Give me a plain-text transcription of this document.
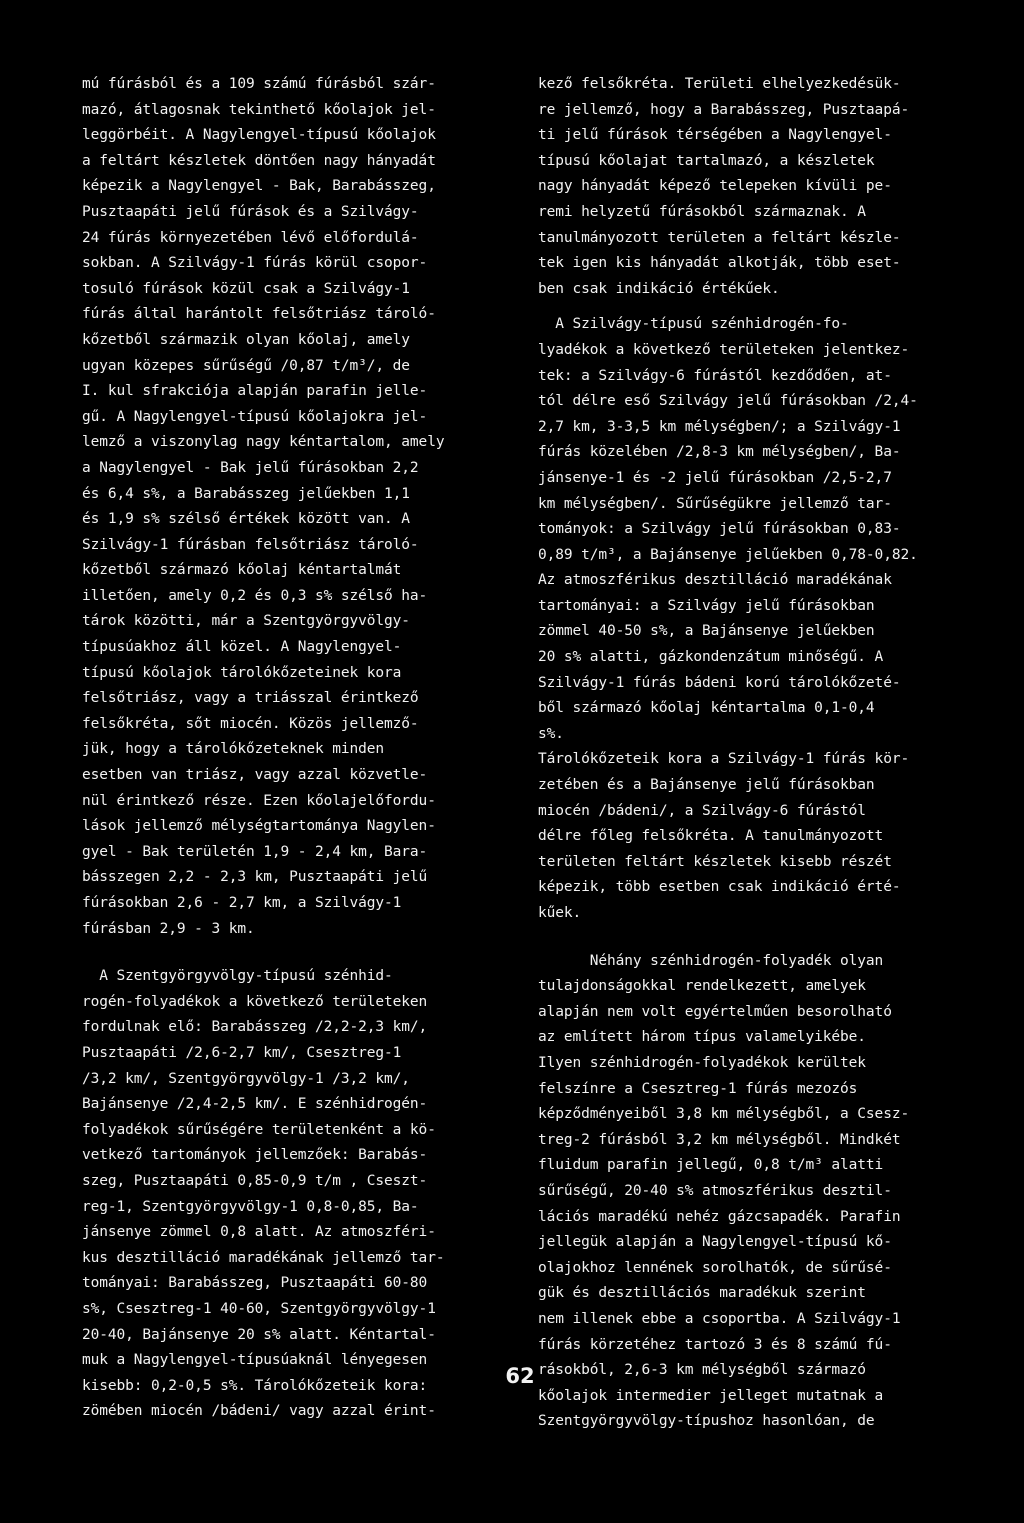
mú fúrásból és a 109 számú fúrásból szár-
mazó, átlagosnak tekinthető kőolajok jel-
leggörbéit. A Nagylengyel-típusú kőolajok
a feltárt készletek döntően nagy hányadát
képezik a Nagylengyel - Bak, Barabásszeg,
Pusztaapáti jelű fúrások és a Szilvágy-
24 fúrás környezetében lévő előfordulá-
sokban. A Szilvágy-1 fúrás körül csopor-
tosuló fúrások közül csak a Szilvágy-1
fúrás által harántolt felsőtriász tároló-
kőzetből származik olyan kőolaj, amely
ugyan közepes sűrűségű /0,87 t/m³/, de
I. kul sfrakciója alapján parafin jelle-
gű. A Nagylengyel-típusú kőolajokra jel-
lemző a viszonylag nagy kéntartalom, amely
a Nagylengyel - Bak jelű fúrásokban 2,2
és 6,4 s%, a Barabásszeg jelűekben 1,1
és 1,9 s% szélső értékek között van. A
Szilvágy-1 fúrásban felsőtriász tároló-
kőzetből származó kőolaj kéntartalmát
illetően, amely 0,2 és 0,3 s% szélső ha-
tárok közötti, már a Szentgyörgyvölgy-
típusúakhoz áll közel. A Nagylengyel-
típusú kőolajok tárolókőzeteinek kora
felsőtriász, vagy a triásszal érintkező
felsőkréta, sőt miocén. Közös jellemző-
jük, hogy a tárolókőzeteknek minden
esetben van triász, vagy azzal közvetle-
nül érintkező része. Ezen kőolajelőfordu-
lások jellemző mélységtartománya Nagylen-
gyel - Bak területén 1,9 - 2,4 km, Bara-
básszegen 2,2 - 2,3 km, Pusztaapáti jelű
fúrásokban 2,6 - 2,7 km, a Szilvágy-1
fúrásban 2,9 - 3 km.
A Szentgyörgyvölgy-típusú szénhid-
rogén-folyadékok a következő területeken
fordulnak elő: Barabásszeg /2,2-2,3 km/,
Pusztaapáti /2,6-2,7 km/, Csesztreg-1
/3,2 km/, Szentgyörgyvölgy-1 /3,2 km/,
Bajánsenye /2,4-2,5 km/. E szénhidrogén-
folyadékok sűrűségére területenként a kö-
vetkező tartományok jellemzőek: Barabás-
szeg, Pusztaapáti 0,85-0,9 t/m , Cseszt-
reg-1, Szentgyörgyvölgy-1 0,8-0,85, Ba-
jánsenye zömmel 0,8 alatt. Az atmoszféri-
kus desztilláció maradékának jellemző tar-
tományai: Barabásszeg, Pusztaapáti 60-80
s%, Csesztreg-1 40-60, Szentgyörgyvölgy-1
20-40, Bajánsenye 20 s% alatt. Kéntartal-
muk a Nagylengyel-típusúaknál lényegesen
kisebb: 0,2-0,5 s%. Tárolókőzeteik kora:
zömében miocén /bádeni/ vagy azzal érint-
kező felsőkréta. Területi elhelyezkedésük-
re jellemző, hogy a Barabásszeg, Pusztaapá-
ti jelű fúrások térségében a Nagylengyel-
típusú kőolajat tartalmazó, a készletek
nagy hányadát képező telepeken kívüli pe-
remi helyzetű fúrásokból származnak. A
tanulmányozott területen a feltárt készle-
tek igen kis hányadát alkotják, több eset-
ben csak indikáció értékűek.
A Szilvágy-típusú szénhidrogén-fo-
lyadékok a következő területeken jelentkez-
tek: a Szilvágy-6 fúrástól kezdődően, at-
tól délre eső Szilvágy jelű fúrásokban /2,4-
2,7 km, 3-3,5 km mélységben/; a Szilvágy-1
fúrás közelében /2,8-3 km mélységben/, Ba-
jánsenye-1 és -2 jelű fúrásokban /2,5-2,7
km mélységben/. Sűrűségükre jellemző tar-
tományok: a Szilvágy jelű fúrásokban 0,83-
0,89 t/m³, a Bajánsenye jelűekben 0,78-0,82.
Az atmoszférikus desztilláció maradékának
tartományai: a Szilvágy jelű fúrásokban
zömmel 40-50 s%, a Bajánsenye jelűekben
20 s% alatti, gázkondenzátum minőségű. A
Szilvágy-1 fúrás bádeni korú tárolókőzeté-
ből származó kőolaj kéntartalma 0,1-0,4
s%.
Tárolókőzeteik kora a Szilvágy-1 fúrás kör-
zetében és a Bajánsenye jelű fúrásokban
miocén /bádeni/, a Szilvágy-6 fúrástól
délre főleg felsőkréta. A tanulmányozott
területen feltárt készletek kisebb részét
képezik, több esetben csak indikáció érté-
kűek.
Néhány szénhidrogén-folyadék olyan
tulajdonságokkal rendelkezett, amelyek
alapján nem volt egyértelműen besorolható
az említett három típus valamelyikébe.
Ilyen szénhidrogén-folyadékok kerültek
felszínre a Csesztreg-1 fúrás mezozós
képződményeiből 3,8 km mélységből, a Csesz-
treg-2 fúrásból 3,2 km mélységből. Mindkét
fluidum parafin jellegű, 0,8 t/m³ alatti
sűrűségű, 20-40 s% atmoszférikus desztil-
lációs maradékú nehéz gázcsapadék. Parafin
jellegük alapján a Nagylengyel-típusú kő-
olajokhoz lennének sorolhatók, de sűrűsé-
gük és desztillációs maradékuk szerint
nem illenek ebbe a csoportba. A Szilvágy-1
fúrás körzetéhez tartozó 3 és 8 számú fú-
rásokból, 2,6-3 km mélységből származó
kőolajok intermedier jelleget mutatnak a
Szentgyörgyvölgy-típushoz hasonlóan, de
62
